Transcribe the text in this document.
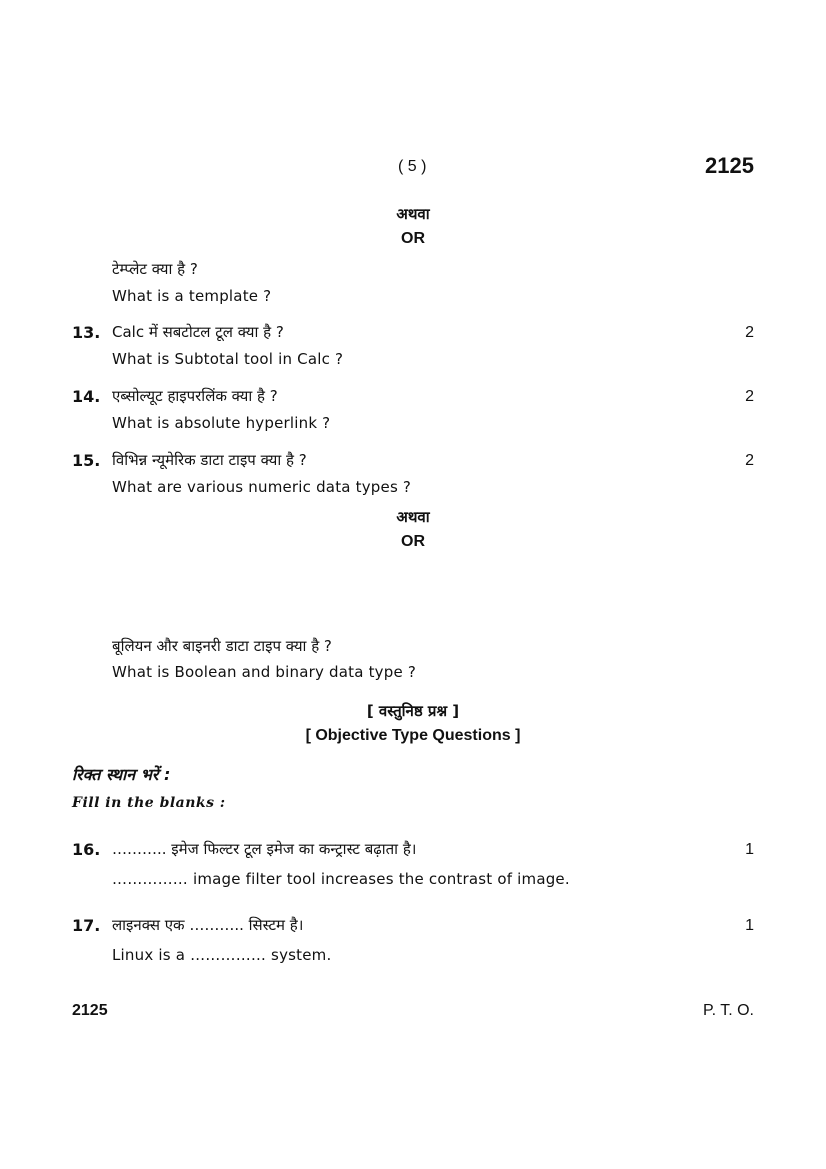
( 5 )	2125
अथवा
OR
टेम्प्लेट क्या है ?
What is a template ?
13. Calc में सबटोटल टूल क्या है ?
What is Subtotal tool in Calc ?
2
14. एब्सोल्यूट हाइपरलिंक क्या है ?
What is absolute hyperlink ?
2
15. विभिन्न न्यूमेरिक डाटा टाइप क्या है ?
What are various numeric data types ?
2
अथवा
OR
बूलियन और बाइनरी डाटा टाइप क्या है ?
What is Boolean and binary data type ?
[ वस्तुनिष्ठ प्रश्न ]
[ Objective Type Questions ]
रिक्त स्थान भरें :
Fill in the blanks :
16. ……….. इमेज फिल्टर टूल इमेज का कन्ट्रास्ट बढ़ाता है।
…………… image filter tool increases the contrast of image.
1
17. लाइनक्स एक ……….. सिस्टम है।
Linux is a …………… system.
1
2125	P. T. O.
